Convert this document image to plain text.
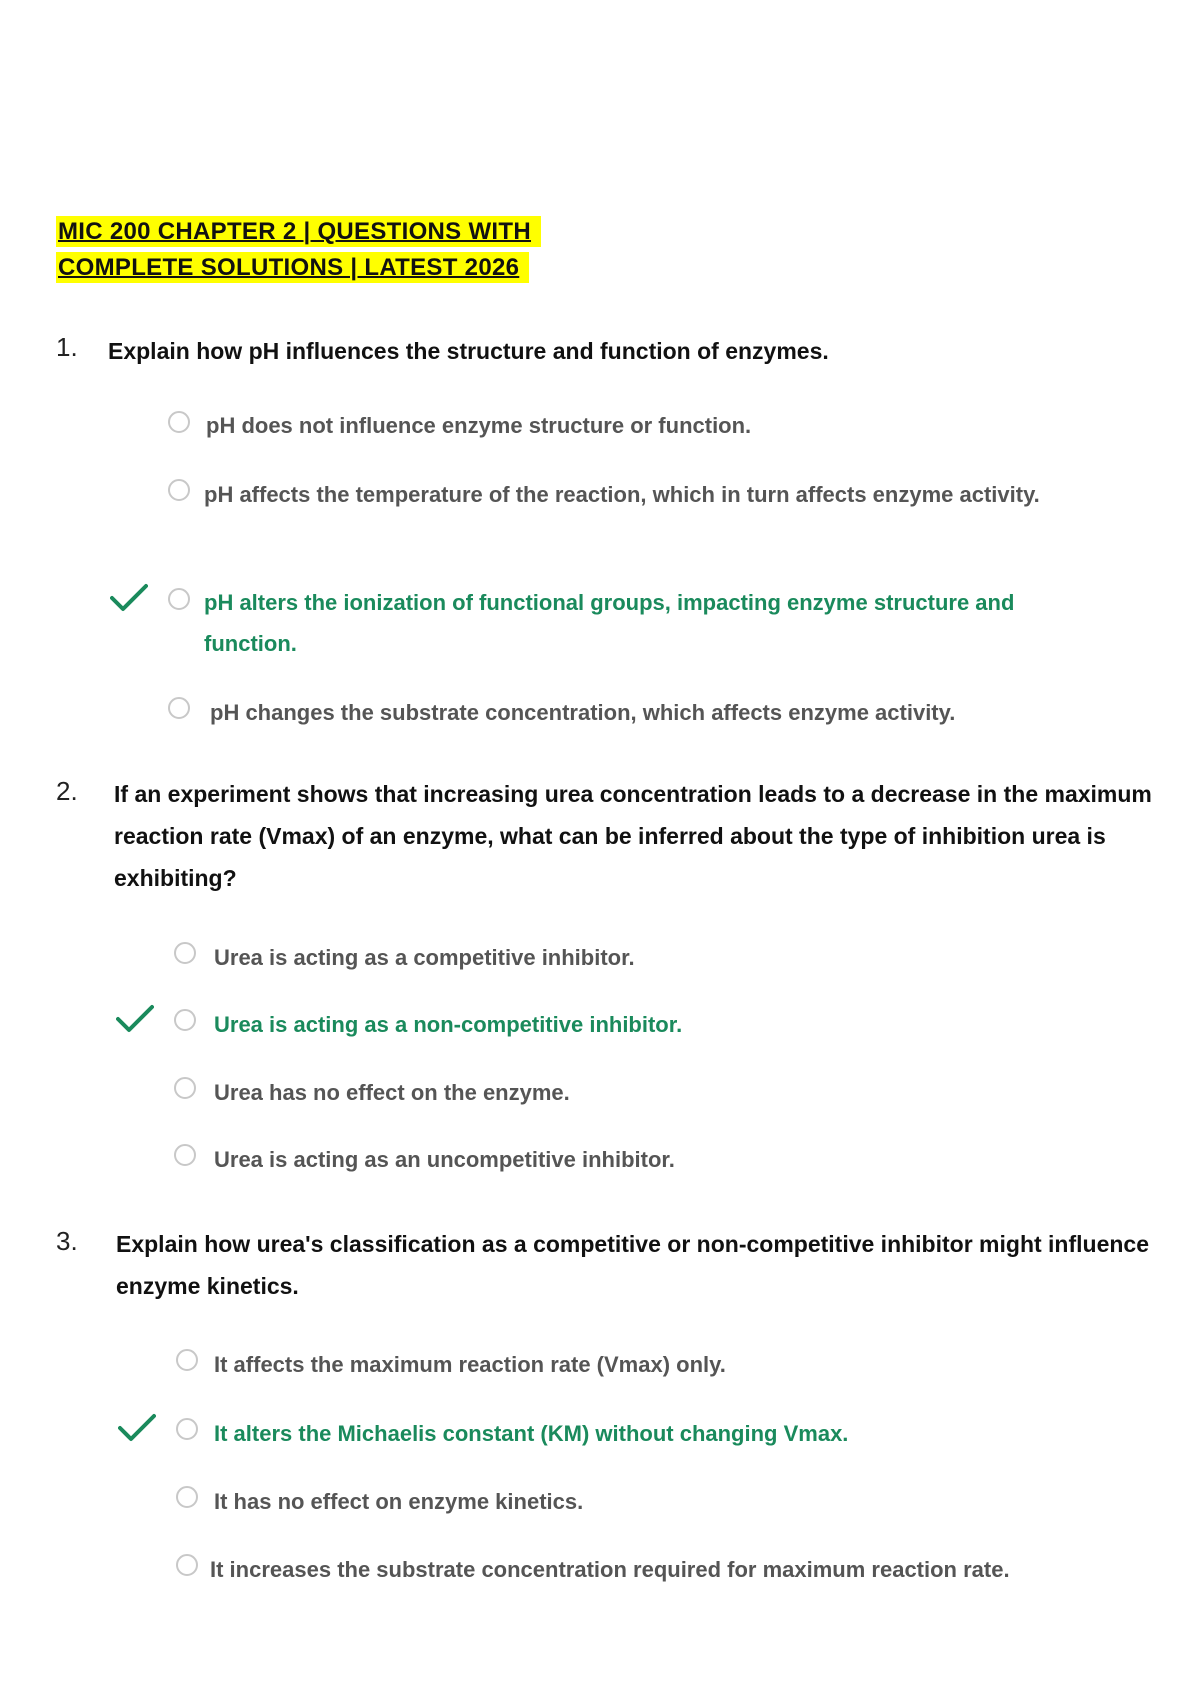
MIC 200 CHAPTER 2 | QUESTIONS WITH
COMPLETE SOLUTIONS | LATEST 2026
1. Explain how pH influences the structure and function of enzymes.
pH does not influence enzyme structure or function.
pH affects the temperature of the reaction, which in turn affects enzyme activity.
pH alters the ionization of functional groups, impacting enzyme structure and function.
pH changes the substrate concentration, which affects enzyme activity.
2. If an experiment shows that increasing urea concentration leads to a decrease in the maximum reaction rate (Vmax) of an enzyme, what can be inferred about the type of inhibition urea is exhibiting?
Urea is acting as a competitive inhibitor.
Urea is acting as a non-competitive inhibitor.
Urea has no effect on the enzyme.
Urea is acting as an uncompetitive inhibitor.
3. Explain how urea's classification as a competitive or non-competitive inhibitor might influence enzyme kinetics.
It affects the maximum reaction rate (Vmax) only.
It alters the Michaelis constant (KM) without changing Vmax.
It has no effect on enzyme kinetics.
It increases the substrate concentration required for maximum reaction rate.
